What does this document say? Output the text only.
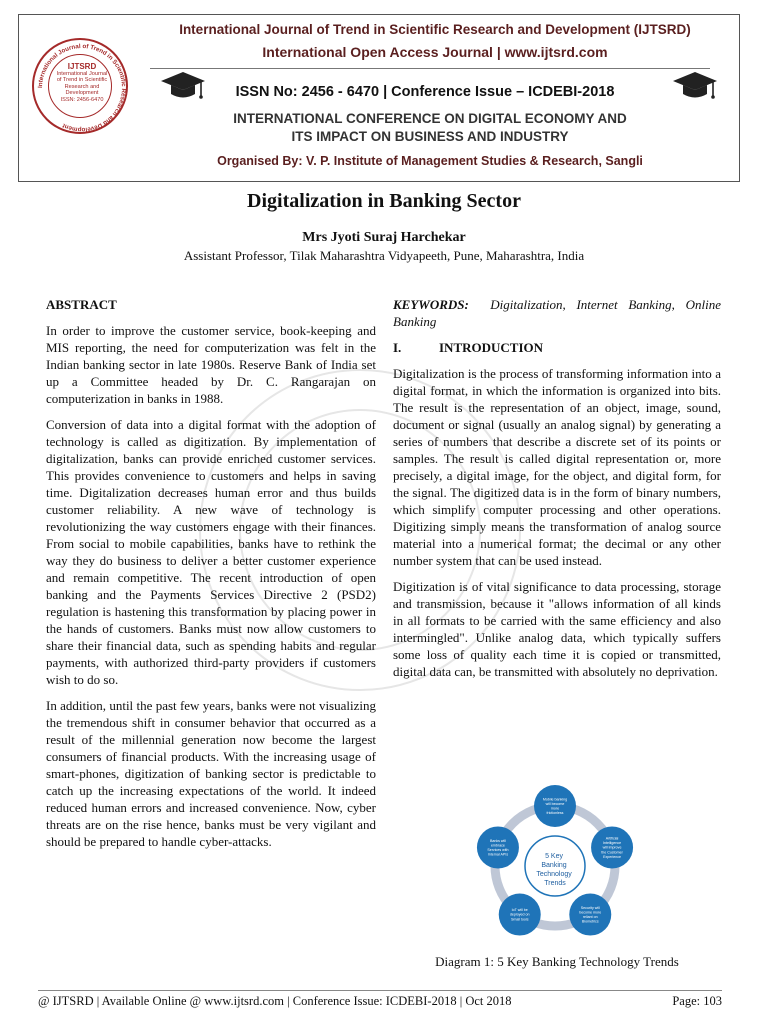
International Journal of Trend in Scientific Research and Development
IJTSRD
International Journal
of Trend in Scientific
Research and
Development
ISSN: 2456-6470
International Journal of Trend in Scientific Research and Development (IJTSRD)
International Open Access Journal | www.ijtsrd.com
ISSN No: 2456 - 6470 | Conference Issue – ICDEBI-2018
INTERNATIONAL CONFERENCE ON DIGITAL ECONOMY AND
ITS IMPACT ON BUSINESS AND INDUSTRY
Organised By: V. P. Institute of Management Studies & Research, Sangli
Digitalization in Banking Sector
Mrs Jyoti Suraj Harchekar
Assistant Professor, Tilak Maharashtra Vidyapeeth, Pune, Maharashtra, India

ABSTRACT

In order to improve the customer service, book-keeping and MIS reporting, the need for computerization was felt in the Indian banking sector in late 1980s. Reserve Bank of India set up a Committee headed by Dr. C. Rangarajan on computerization in banks in 1988.

Conversion of data into a digital format with the adoption of technology is called as digitization. By implementation of digitalization, banks can provide enriched customer services. This provides convenience to customers and helps in saving time. Digitalization decreases human error and thus builds customer reliability. A new wave of technology is revolutionizing the way customers engage with their finances. From social to mobile capabilities, banks have to rethink the way they do business to deliver a better customer experience and remain competitive. The recent introduction of open banking and the Payments Services Directive 2 (PSD2) regulation is hastening this transformation by placing power in the hands of customers. Banks must now allow customers to share their financial data, such as spending habits and regular payments, with authorized third-party providers if customers wish to do so.

In addition, until the past few years, banks were not visualizing the tremendous shift in consumer behavior that occurred as a result of the millennial generation now become the largest consumers of financial products. With the increasing usage of smart-phones, digitization of banking sector is predictable to catch up the increasing expectations of the world. It indeed reduced human errors and increased convenience. Now, cyber threats are on the rise hence, banks must be very vigilant and should be prepared to handle cyber-attacks.

KEYWORDS: Digitalization, Internet Banking, Online Banking

I.	INTRODUCTION

Digitalization is the process of transforming information into a digital format, in which the information is organized into bits. The result is the representation of an object, image, sound, document or signal (usually an analog signal) by generating a series of numbers that describe a discrete set of its points or samples. The result is called digital representation or, more precisely, a digital image, for the object, and digital form, for the signal. The digitized data is in the form of binary numbers, which simplify computer processing and other operations. Digitizing simply means the transformation of analog source material into a numerical format; the decimal or any other number system that can be used instead.

Digitization is of vital significance to data processing, storage and transmission, because it "allows information of all kinds in all formats to be carried with the same efficiency and also intermingled". Unlike analog data, which typically suffers some loss of quality each time it is copied or transmitted, digital data can, be transmitted with absolutely no deprivation.

5 Key Banking Technology Trends
Mobile banking will become more frictionless
Artificial Intelligence will improve the Customer Experience
Security will become more reliant on Biometrics
IoT will be deployed on Small tools
Banks will embrace Services with Internal APIs
Diagram 1: 5 Key Banking Technology Trends
@ IJTSRD | Available Online @ www.ijtsrd.com | Conference Issue: ICDEBI-2018 | Oct 2018	Page: 103
